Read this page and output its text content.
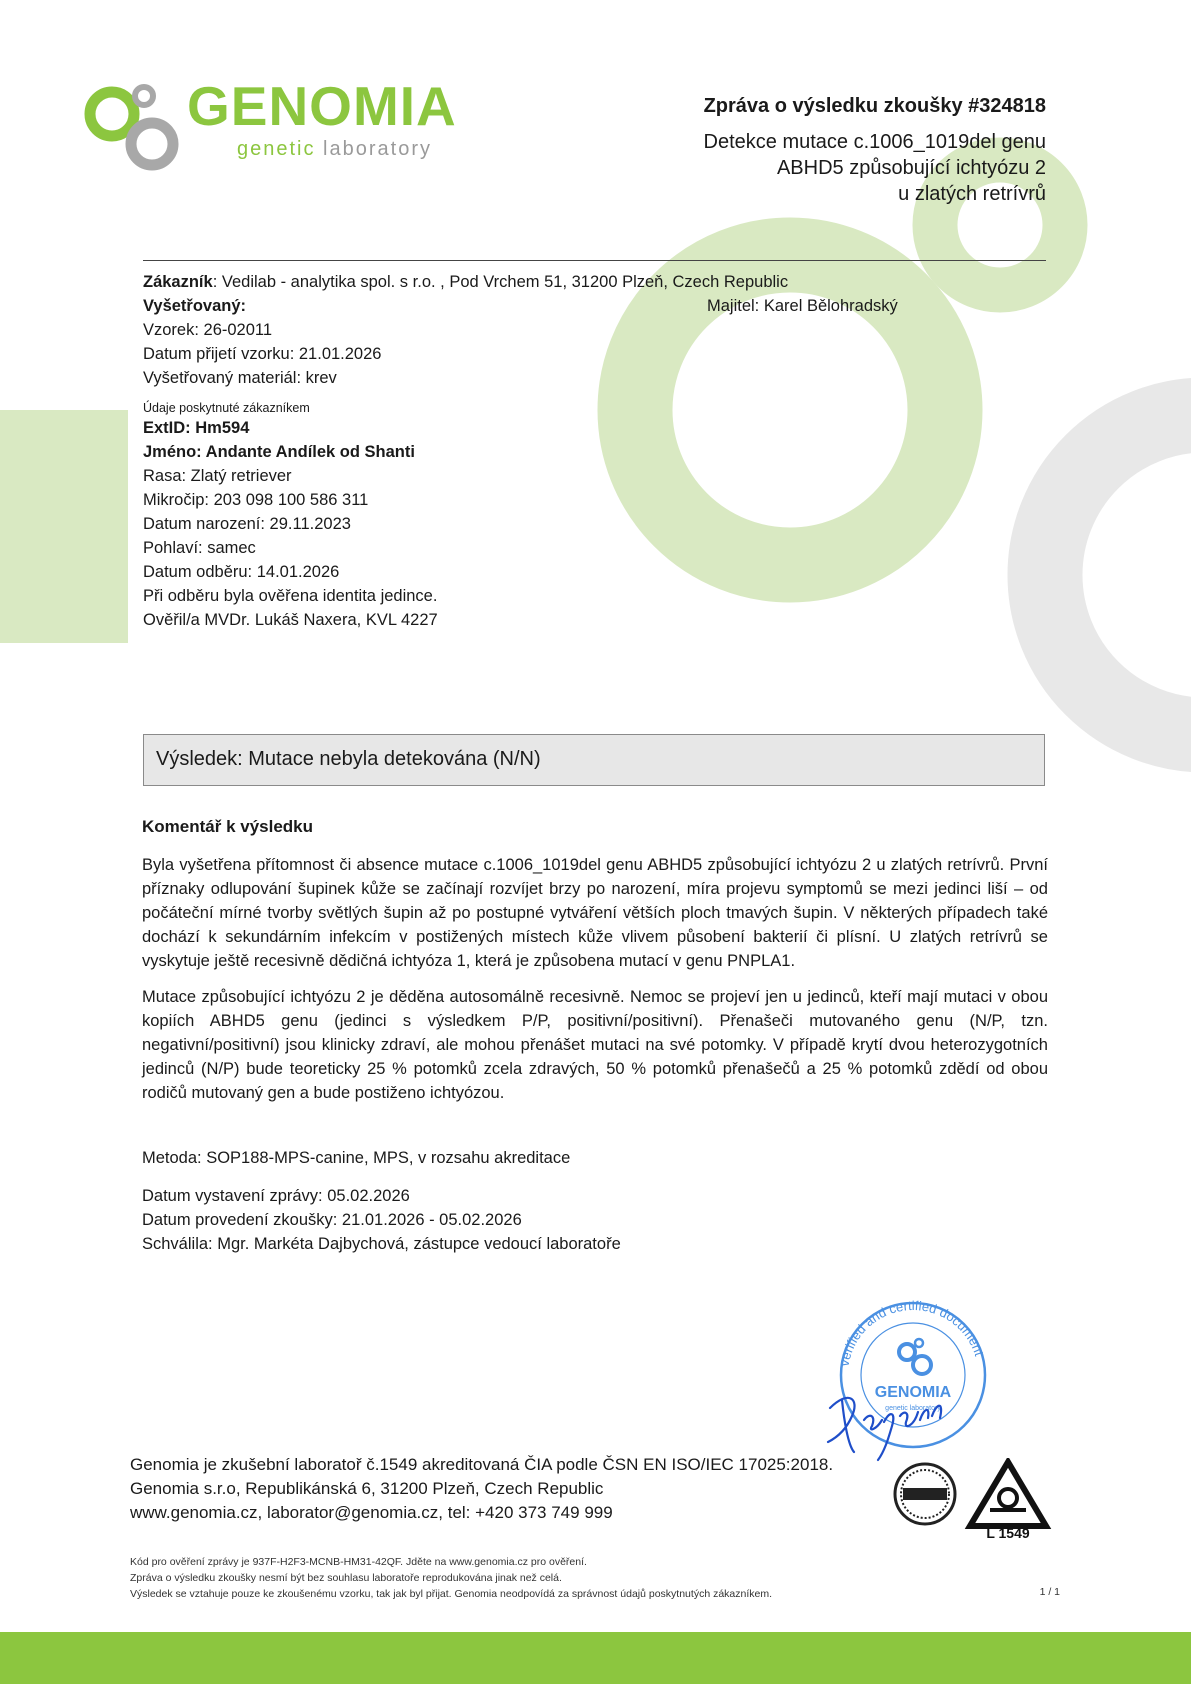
GENOMIA
genetic laboratory
Zpráva o výsledku zkoušky #324818
Detekce mutace c.1006_1019del genu
ABHD5 způsobující ichtyózu 2
u zlatých retrívrů
Zákazník: Vedilab - analytika spol. s r.o. , Pod Vrchem 51, 31200 Plzeň, Czech Republic
Vyšetřovaný:
Vzorek: 26-02011
Datum přijetí vzorku: 21.01.2026
Vyšetřovaný materiál: krev
Údaje poskytnuté zákazníkem
ExtID: Hm594
Jméno: Andante Andílek od Shanti
Rasa: Zlatý retriever
Mikročip: 203 098 100 586 311
Datum narození: 29.11.2023
Pohlaví: samec
Datum odběru: 14.01.2026
Při odběru byla ověřena identita jedince.
Ověřil/a MVDr. Lukáš Naxera, KVL 4227
Majitel: Karel Bělohradský
Výsledek: Mutace nebyla detekována (N/N)
Komentář k výsledku

Byla vyšetřena přítomnost či absence mutace c.1006_1019del genu ABHD5 způsobující ichtyózu 2 u zlatých retrívrů. První příznaky odlupování šupinek kůže se začínají rozvíjet brzy po narození, míra projevu symptomů se mezi jedinci liší – od počáteční mírné tvorby světlých šupin až po postupné vytváření větších ploch tmavých šupin. V některých případech také dochází k sekundárním infekcím v postižených místech kůže vlivem působení bakterií či plísní. U zlatých retrívrů se vyskytuje ještě recesivně dědičná ichtyóza 1, která je způsobena mutací v genu PNPLA1.

Mutace způsobující ichtyózu 2 je děděna autosomálně recesivně. Nemoc se projeví jen u jedinců, kteří mají mutaci v obou kopiích ABHD5 genu (jedinci s výsledkem P/P, positivní/positivní). Přenašeči mutovaného genu (N/P, tzn. negativní/positivní) jsou klinicky zdraví, ale mohou přenášet mutaci na své potomky. V případě krytí dvou heterozygotních jedinců (N/P) bude teoreticky 25 % potomků zcela zdravých, 50 % potomků přenašečů a 25 % potomků zdědí od obou rodičů mutovaný gen a bude postiženo ichtyózou.

Metoda: SOP188-MPS-canine, MPS, v rozsahu akreditace
Datum vystavení zprávy: 05.02.2026
Datum provedení zkoušky: 21.01.2026 - 05.02.2026
Schválila: Mgr. Markéta Dajbychová, zástupce vedoucí laboratoře
verified and certified document
GENOMIA
genetic laboratory
Genomia je zkušební laboratoř č.1549 akreditovaná ČIA podle ČSN EN ISO/IEC 17025:2018.
Genomia s.r.o, Republikánská 6, 31200 Plzeň, Czech Republic
www.genomia.cz, laborator@genomia.cz, tel: +420 373 749 999
L 1549
Kód pro ověření zprávy je 937F-H2F3-MCNB-HM31-42QF. Jděte na www.genomia.cz pro ověření.
Zpráva o výsledku zkoušky nesmí být bez souhlasu laboratoře reprodukována jinak než celá.
Výsledek se vztahuje pouze ke zkoušenému vzorku, tak jak byl přijat. Genomia neodpovídá za správnost údajů poskytnutých zákazníkem.	1 / 1
